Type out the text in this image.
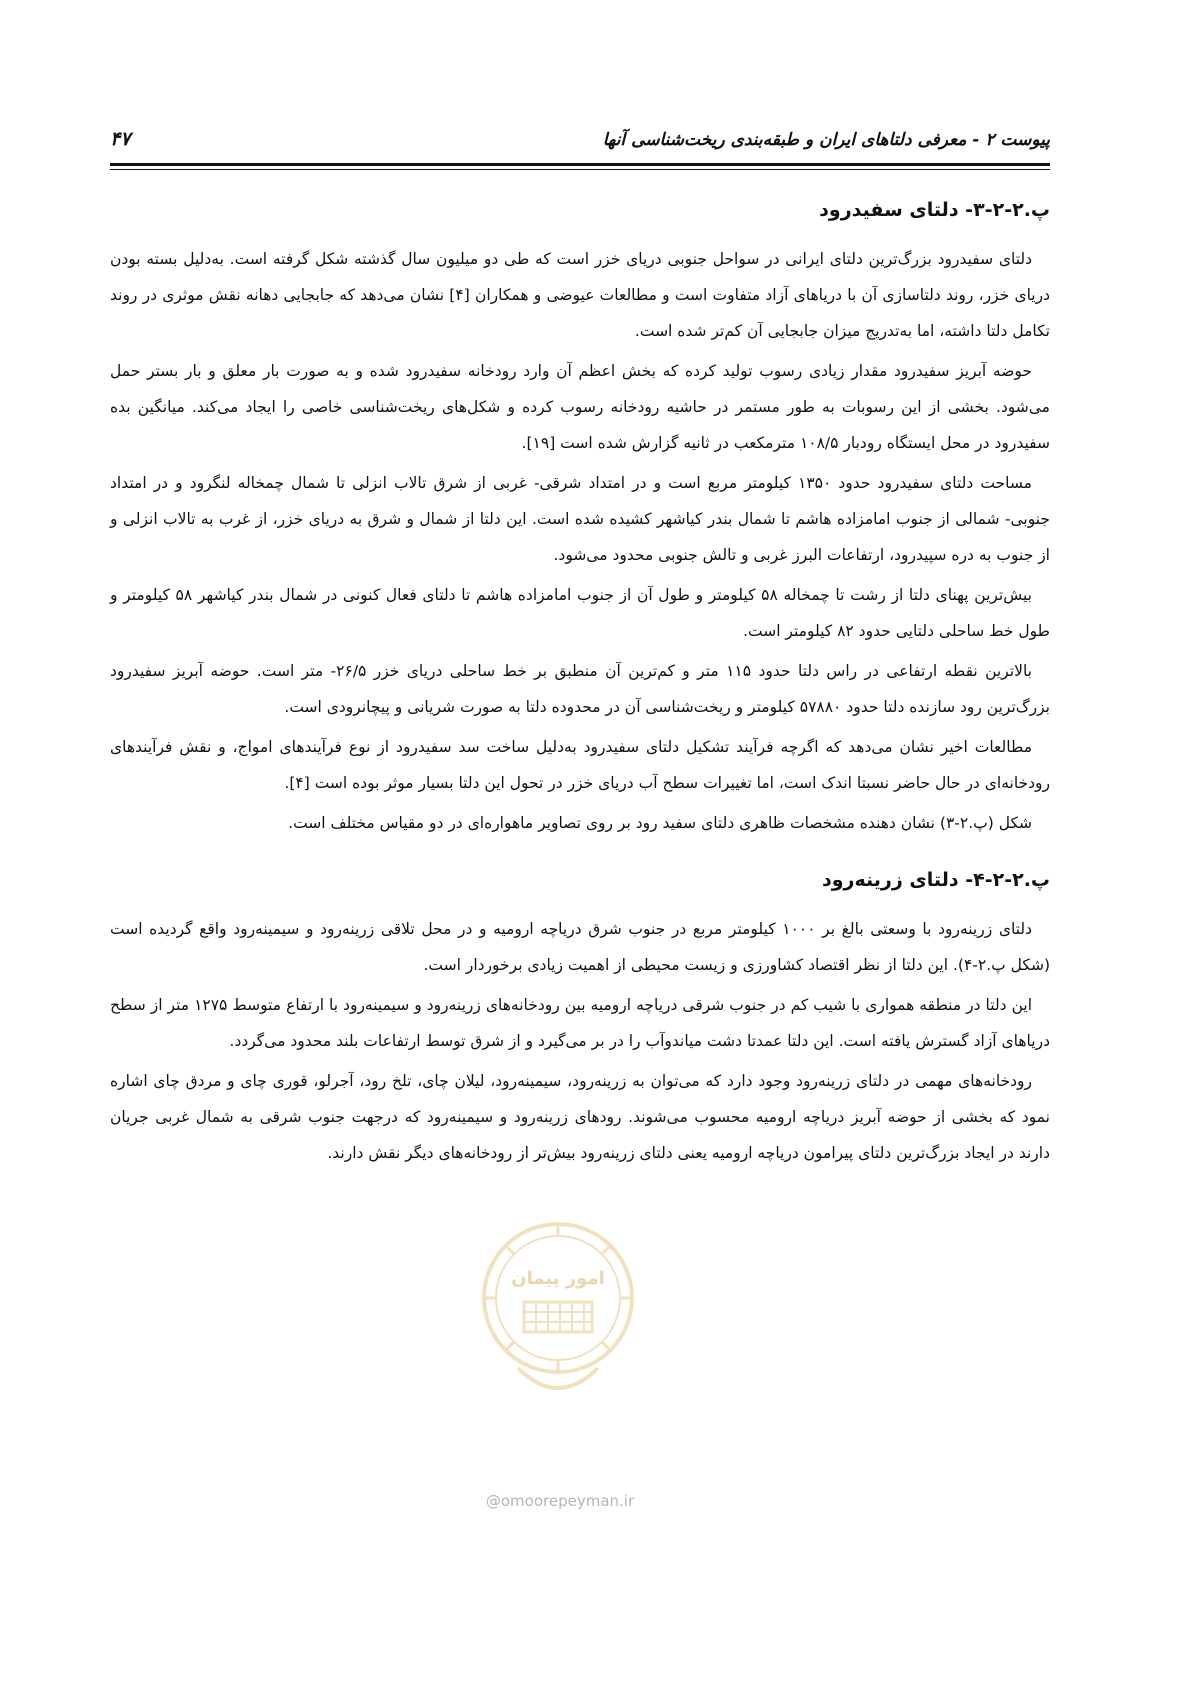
پیوست ۲ - معرفی دلتاهای ایران و طبقه‌بندی ریخت‌شناسی آنها
۴۷
پ.۲-۲-۳- دلتای سفیدرود

دلتای سفیدرود بزرگ‌ترین دلتای ایرانی در سواحل جنوبی دریای خزر است که طی دو میلیون سال گذشته شکل گرفته است. به‌دلیل بسته بودن دریای خزر، روند دلتاسازی آن با دریاهای آزاد متفاوت است و مطالعات عیوضی و همکاران [۴] نشان می‌دهد که جابجایی دهانه نقش موثری در روند تکامل دلتا داشته، اما به‌تدریج میزان جابجایی آن کم‌تر شده است.

حوضه آبریز سفیدرود مقدار زیادی رسوب تولید کرده که بخش اعظم آن وارد رودخانه سفیدرود شده و به صورت بار معلق و بار بستر حمل می‌شود. بخشی از این رسوبات به طور مستمر در حاشیه رودخانه رسوب کرده و شکل‌های ریخت‌شناسی خاصی را ایجاد می‌کند. میانگین بده سفیدرود در محل ایستگاه رودبار ۱۰۸/۵ مترمکعب در ثانیه گزارش شده است [۱۹].

مساحت دلتای سفیدرود حدود ۱۳۵۰ کیلومتر مربع است و در امتداد شرقی- غربی از شرق تالاب انزلی تا شمال چمخاله لنگرود و در امتداد جنوبی- شمالی از جنوب امامزاده هاشم تا شمال بندر کیاشهر کشیده شده است. این دلتا از شمال و شرق به دریای خزر، از غرب به تالاب انزلی و از جنوب به دره سپیدرود، ارتفاعات البرز غربی و تالش جنوبی محدود می‌شود.

بیش‌ترین پهنای دلتا از رشت تا چمخاله ۵۸ کیلومتر و طول آن از جنوب امامزاده هاشم تا دلتای فعال کنونی در شمال بندر کیاشهر ۵۸ کیلومتر و طول خط ساحلی دلتایی حدود ۸۲ کیلومتر است.

بالاترین نقطه ارتفاعی در راس دلتا حدود ۱۱۵ متر و کم‌ترین آن منطبق بر خط ساحلی دریای خزر ۲۶/۵- متر است. حوضه آبریز سفیدرود بزرگ‌ترین رود سازنده دلتا حدود ۵۷۸۸۰ کیلومتر و ریخت‌شناسی آن در محدوده دلتا به صورت شریانی و پیچانرودی است.

مطالعات اخیر نشان می‌دهد که اگرچه فرآیند تشکیل دلتای سفیدرود به‌دلیل ساخت سد سفیدرود از نوع فرآیندهای امواج، و نقش فرآیندهای رودخانه‌ای در حال حاضر نسبتا اندک است، اما تغییرات سطح آب دریای خزر در تحول این دلتا بسیار موثر بوده است [۴].

شکل (پ.۲-۳) نشان دهنده مشخصات ظاهری دلتای سفید رود بر روی تصاویر ماهواره‌ای در دو مقیاس مختلف است.

پ.۲-۲-۴- دلتای زرینه‌رود

دلتای زرینه‌رود با وسعتی بالغ بر ۱۰۰۰ کیلومتر مربع در جنوب شرق دریاچه ارومیه و در محل تلاقی زرینه‌رود و سیمینه‌رود واقع گردیده است (شکل پ.۲-۴). این دلتا از نظر اقتصاد کشاورزی و زیست محیطی از اهمیت زیادی برخوردار است.

این دلتا در منطقه همواری با شیب کم در جنوب شرقی دریاچه ارومیه بین رودخانه‌های زرینه‌رود و سیمینه‌رود با ارتفاع متوسط ۱۲۷۵ متر از سطح دریاهای آزاد گسترش یافته است. این دلتا عمدتا دشت میاندوآب را در بر می‌گیرد و از شرق توسط ارتفاعات بلند محدود می‌گردد.

رودخانه‌های مهمی در دلتای زرینه‌رود وجود دارد که می‌توان به زرینه‌رود، سیمینه‌رود، لیلان چای، تلخ رود، آجرلو، قوری چای و مردق چای اشاره نمود که بخشی از حوضه آبریز دریاچه ارومیه محسوب می‌شوند. رودهای زرینه‌رود و سیمینه‌رود که درجهت جنوب شرقی به شمال غربی جریان دارند در ایجاد بزرگ‌ترین دلتای پیرامون دریاچه ارومیه یعنی دلتای زرینه‌رود بیش‌تر از رودخانه‌های دیگر نقش دارند.

امور پیمان
@omoorepeyman.ir
